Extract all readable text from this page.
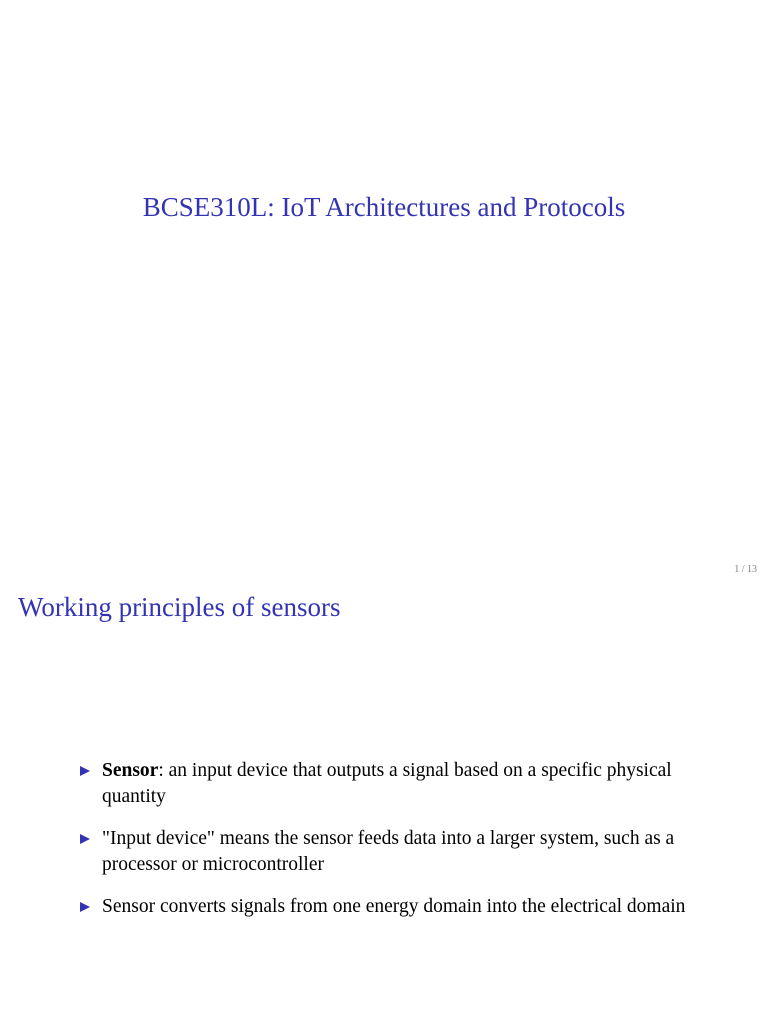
BCSE310L: IoT Architectures and Protocols
1 / 13
Working principles of sensors
Sensor: an input device that outputs a signal based on a specific physical quantity
"Input device" means the sensor feeds data into a larger system, such as a processor or microcontroller
Sensor converts signals from one energy domain into the electrical domain
